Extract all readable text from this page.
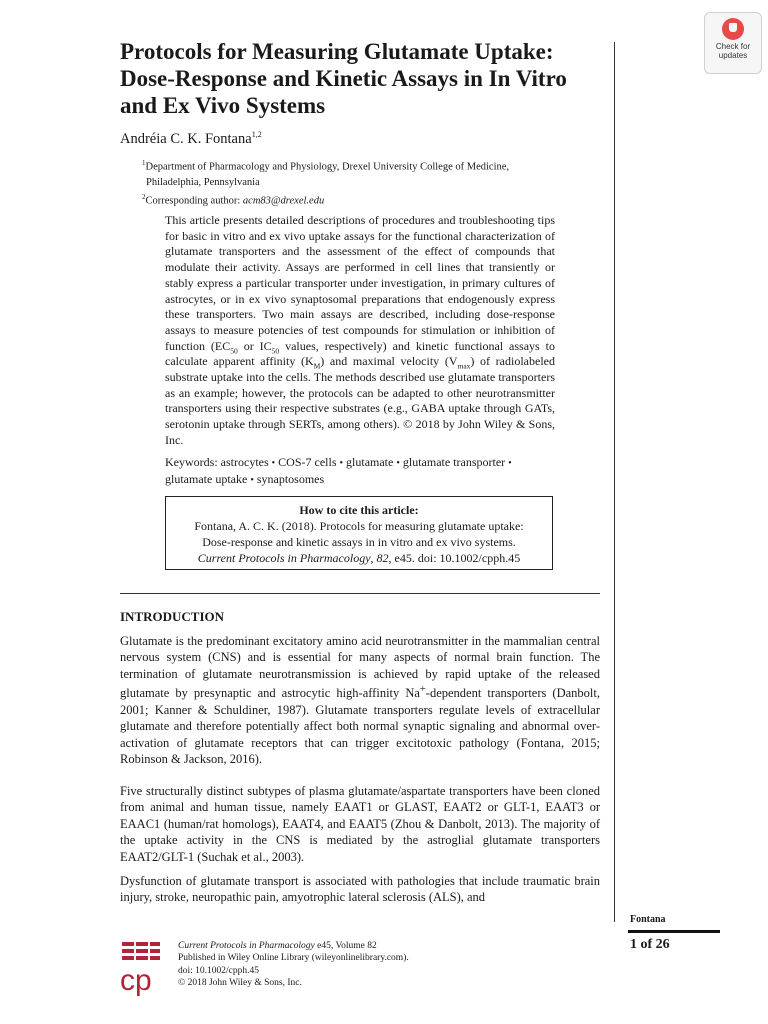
Check for
updates
Protocols for Measuring Glutamate Uptake: Dose-Response and Kinetic Assays in In Vitro and Ex Vivo Systems
Andréia C. K. Fontana$^{1,2}$
$^1$Department of Pharmacology and Physiology, Drexel University College of Medicine,
Philadelphia, Pennsylvania
$^2$Corresponding author: acm83@drexel.edu
This article presents detailed descriptions of procedures and troubleshooting tips for basic in vitro and ex vivo uptake assays for the functional characterization of glutamate transporters and the assessment of the effect of compounds that modulate their activity. Assays are performed in cell lines that transiently or stably express a particular transporter under investigation, in primary cultures of astrocytes, or in ex vivo synaptosomal preparations that endogenously express these transporters. Two main assays are described, including dose-response assays to measure potencies of test compounds for stimulation or inhibition of function ($EC_{50}$ or $IC_{50}$ values, respectively) and kinetic functional assays to calculate apparent affinity $(K_M)$ and maximal velocity $(V_{max})$ of radiolabeled substrate uptake into the cells. The methods described use glutamate transporters as an example; however, the protocols can be adapted to other neurotransmitter transporters using their respective substrates (e.g., GABA uptake through GATs, serotonin uptake through SERTs, among others). © 2018 by John Wiley & Sons, Inc.
Keywords: astrocytes • COS-7 cells • glutamate • glutamate transporter •
glutamate uptake • synaptosomes
How to cite this article:
Fontana, A. C. K. (2018). Protocols for measuring glutamate uptake:
Dose-response and kinetic assays in in vitro and ex vivo systems.
Current Protocols in Pharmacology, 82, e45. doi: 10.1002/cpph.45
INTRODUCTION
Glutamate is the predominant excitatory amino acid neurotransmitter in the mammalian central nervous system (CNS) and is essential for many aspects of normal brain function. The termination of glutamate neurotransmission is achieved by rapid uptake of the released glutamate by presynaptic and astrocytic high-affinity Na+-dependent transporters (Danbolt, 2001; Kanner & Schuldiner, 1987). Glutamate transporters regulate levels of extracellular glutamate and therefore potentially affect both normal synaptic signaling and abnormal over-activation of glutamate receptors that can trigger excitotoxic pathology (Fontana, 2015; Robinson & Jackson, 2016).
Five structurally distinct subtypes of plasma glutamate/aspartate transporters have been cloned from animal and human tissue, namely EAAT1 or GLAST, EAAT2 or GLT-1, EAAT3 or EAAC1 (human/rat homologs), EAAT4, and EAAT5 (Zhou & Danbolt, 2013). The majority of the uptake activity in the CNS is mediated by the astroglial glutamate transporters EAAT2/GLT-1 (Suchak et al., 2003).
Dysfunction of glutamate transport is associated with pathologies that include traumatic brain injury, stroke, neuropathic pain, amyotrophic lateral sclerosis (ALS), and
Fontana
1 of 26
cp
Current Protocols in Pharmacology e45, Volume 82
Published in Wiley Online Library (wileyonlinelibrary.com).
doi: 10.1002/cpph.45
© 2018 John Wiley & Sons, Inc.
